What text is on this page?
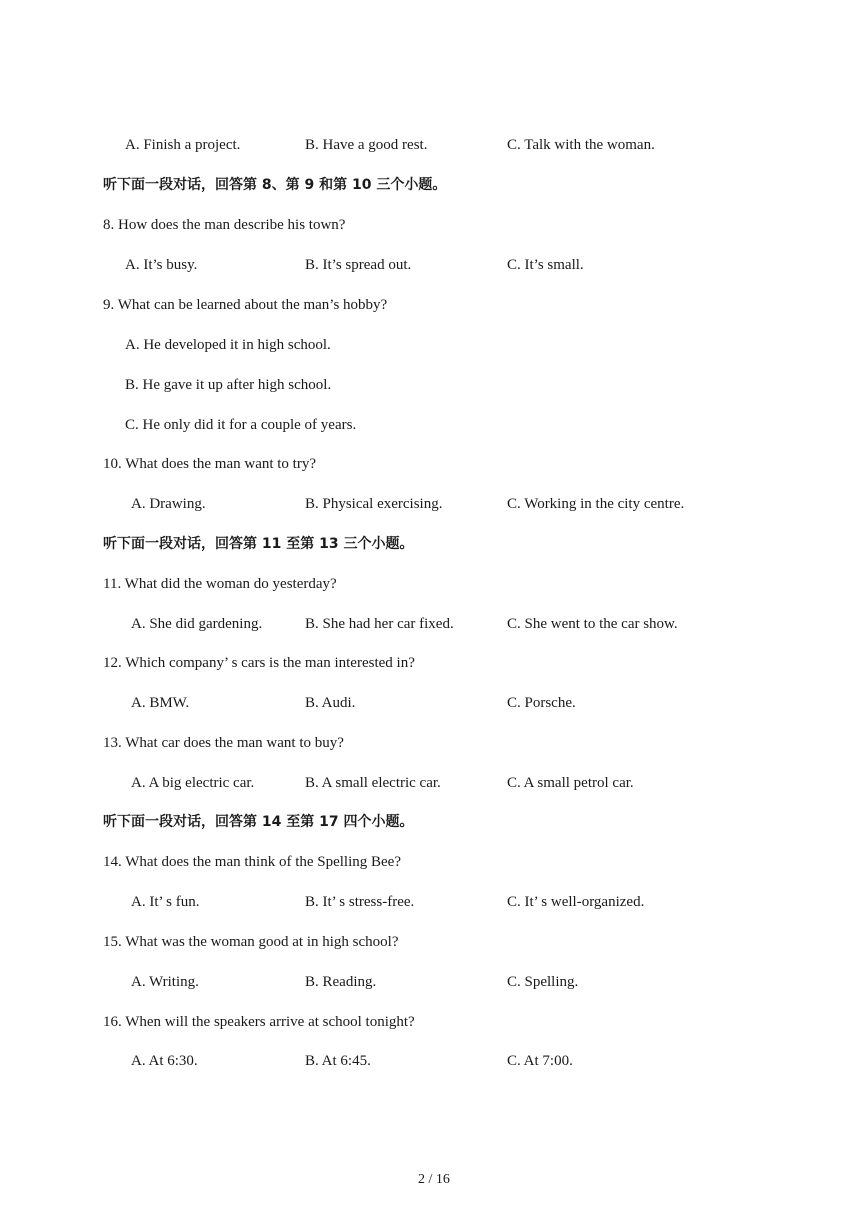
A. Finish a project.	B. Have a good rest.	C. Talk with the woman.
听下面一段对话，回答第 8、第 9 和第 10 三个小题。
8. How does the man describe his town?
A. It’s busy.	B. It’s spread out.	C. It’s small.
9. What can be learned about the man’s hobby?
A. He developed it in high school.
B. He gave it up after high school.
C. He only did it for a couple of years.
10. What does the man want to try?
A. Drawing.	B. Physical exercising.	C. Working in the city centre.
听下面一段对话，回答第 11 至第 13 三个小题。
11. What did the woman do yesterday?
A. She did gardening.	B. She had her car fixed.	C. She went to the car show.
12. Which company’ s cars is the man interested in?
A. BMW.	B. Audi.	C. Porsche.
13. What car does the man want to buy?
A. A big electric car.	B. A small electric car.	C. A small petrol car.
听下面一段对话，回答第 14 至第 17 四个小题。
14. What does the man think of the Spelling Bee?
A. It’ s fun.	B. It’ s stress-free.	C. It’ s well-organized.
15. What was the woman good at in high school?
A. Writing.	B. Reading.	C. Spelling.
16. When will the speakers arrive at school tonight?
A. At 6:30.	B. At 6:45.	C. At 7:00.
2 / 16
